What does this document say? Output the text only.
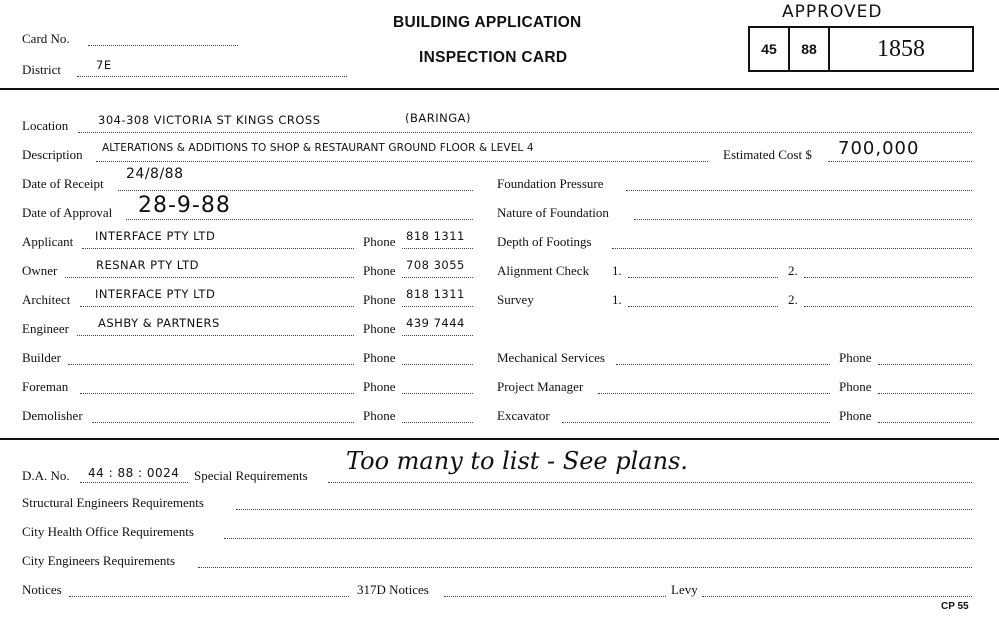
Card No.
District	7E
BUILDING APPLICATION
INSPECTION CARD
APPROVED
45	88	1858
Location	304-308 VICTORIA ST KINGS CROSS	(BARINGA)
Description ALTERATIONS & ADDITIONS TO SHOP & RESTAURANT GROUND FLOOR & LEVEL 4	Estimated Cost $ 700,000
Date of Receipt
24/8/88
Date of Approval 28-9-88
Applicant INTERFACE PTY LTD	Phone 818 1311
Owner	RESNAR PTY LTD	Phone 708 3055
Architect INTERFACE PTY LTD	Phone 818 1311
Engineer	ASHBY & PARTNERS	Phone 439 7444
Builder	Phone
Foreman	Phone
Demolisher	Phone
Foundation Pressure
Nature of Foundation
Depth of Footings
Alignment Check 1.	2.
Survey	1.	2.
Mechanical Services	Phone
Project Manager	Phone
Excavator	Phone
D.A. No. 44 : 88 : 0024 Special Requirements
Too many to list - See plans.
Structural Engineers Requirements
City Health Office Requirements
City Engineers Requirements
Notices	317D Notices	Levy
CP 55
